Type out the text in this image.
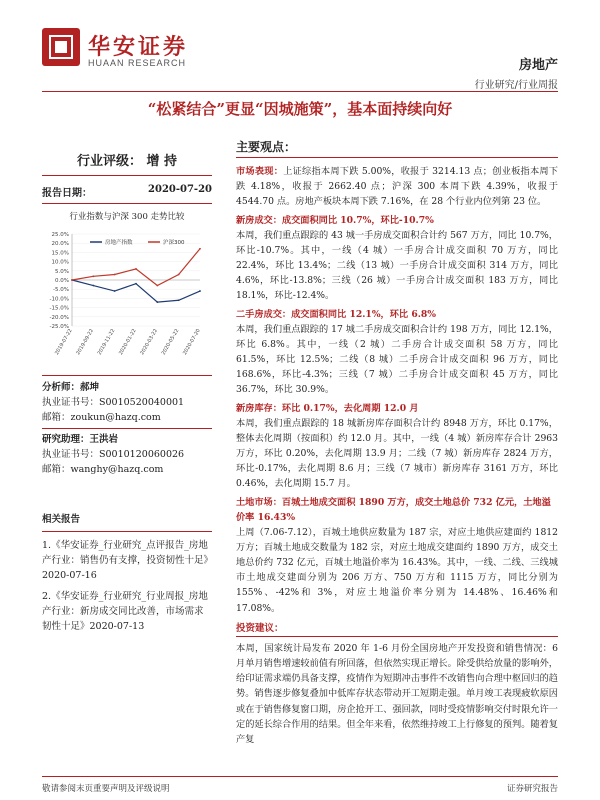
华安证券
HUAAN RESEARCH	房地产
行业研究/行业周报
“松紧结合”更显“因城施策”，基本面持续向好
行业评级： 增 持
报告日期：	2020-07-20
行业指数与沪深 300 走势比较
25.0%
20.0%
15.0%
10.0%
5.0%
0.0%
-5.0%
-10.0%
-15.0%
-20.0%
-25.0%
2019-07-22 2019-09-22 2019-11-22 2020-01-22 2020-03-22 2020-05-22 2020-07-20
房地产指数	沪深300
分析师：郝坤
执业证书号：S0010520040001
邮箱：zoukun@hazq.com
研究助理：王洪岩
执业证书号：S0010120060026
邮箱：wanghy@hazq.com
相关报告
1.《华安证券_行业研究_点评报告_房地产行业：销售仍有支撑，投资韧性十足》2020-07-16
2.《华安证券_行业研究_行业周报_房地产行业：新房成交同比改善，市场需求韧性十足》2020-07-13
主要观点：
市场表现：上证综指本周下跌 5.00%，收报于 3214.13 点；创业板指本周下跌 4.18%，收报于 2662.40 点；沪深 300 本周下跌 4.39%，收报于 4544.70 点。房地产板块本周下跌 7.16%，在 28 个行业内位列第 23 位。
新房成交：成交面积同比 10.7%，环比-10.7%
本周，我们重点跟踪的 43 城一手房成交面积合计约 567 万方，同比 10.7%，环比-10.7%。其中，一线（4 城）一手房合计成交面积 70 万方，同比 22.4%，环比 13.4%；二线（13 城）一手房合计成交面积 314 万方，同比 4.6%，环比-13.8%；三线（26 城）一手房合计成交面积 183 万方，同比 18.1%，环比-12.4%。
二手房成交：成交面积同比 12.1%，环比 6.8%
本周，我们重点跟踪的 17 城二手房成交面积合计约 198 万方，同比 12.1%，环比 6.8%。其中，一线（2 城）二手房合计成交面积 58 万方，同比 61.5%，环比 12.5%；二线（8 城）二手房合计成交面积 96 万方，同比 168.6%，环比-4.3%；三线（7 城）二手房合计成交面积 45 万方，同比 36.7%，环比 30.9%。
新房库存：环比 0.17%，去化周期 12.0 月
本周，我们重点跟踪的 18 城新房库存面积合计约 8948 万方，环比 0.17%，整体去化周期（按面积）约 12.0 月。其中，一线（4 城）新房库存合计 2963 万方，环比 0.20%，去化周期 13.9 月；二线（7 城）新房库存 2824 万方，环比-0.17%，去化周期 8.6 月；三线（7 城市）新房库存 3161 万方，环比 0.46%，去化周期 15.7 月。
土地市场：百城土地成交面积 1890 万方，成交土地总价 732 亿元，土地溢价率 16.43%
上周（7.06-7.12），百城土地供应数量为 187 宗，对应土地供应建面约 1812 万方；百城土地成交数量为 182 宗，对应土地成交建面约 1890 万方，成交土地总价约 732 亿元，百城土地溢价率为 16.43%。其中，一线、二线、三线城市土地成交建面分别为 206 万方、750 万方和 1115 万方，同比分别为 155%、-42%和 3%，对应土地溢价率分别为 14.48%、16.46%和 17.08%。
投资建议：
本周，国家统计局发布 2020 年 1-6 月份全国房地产开发投资和销售情况：6 月单月销售增速较前值有所回落，但依然实现正增长。除受供给放量的影响外，给印证需求端仍具备支撑，疫情作为短期冲击事件不改销售向合理中枢回归的趋势。销售逐步修复叠加中低库存状态带动开工短期走强。单月竣工表现疲软原因或在于销售修复窗口期，房企抢开工、强回款，同时受疫情影响交付时限允许一定的延长综合作用的结果。但全年来看，依然维持竣工上行修复的预判。随着复产复
敬请参阅末页重要声明及评级说明	证券研究报告
